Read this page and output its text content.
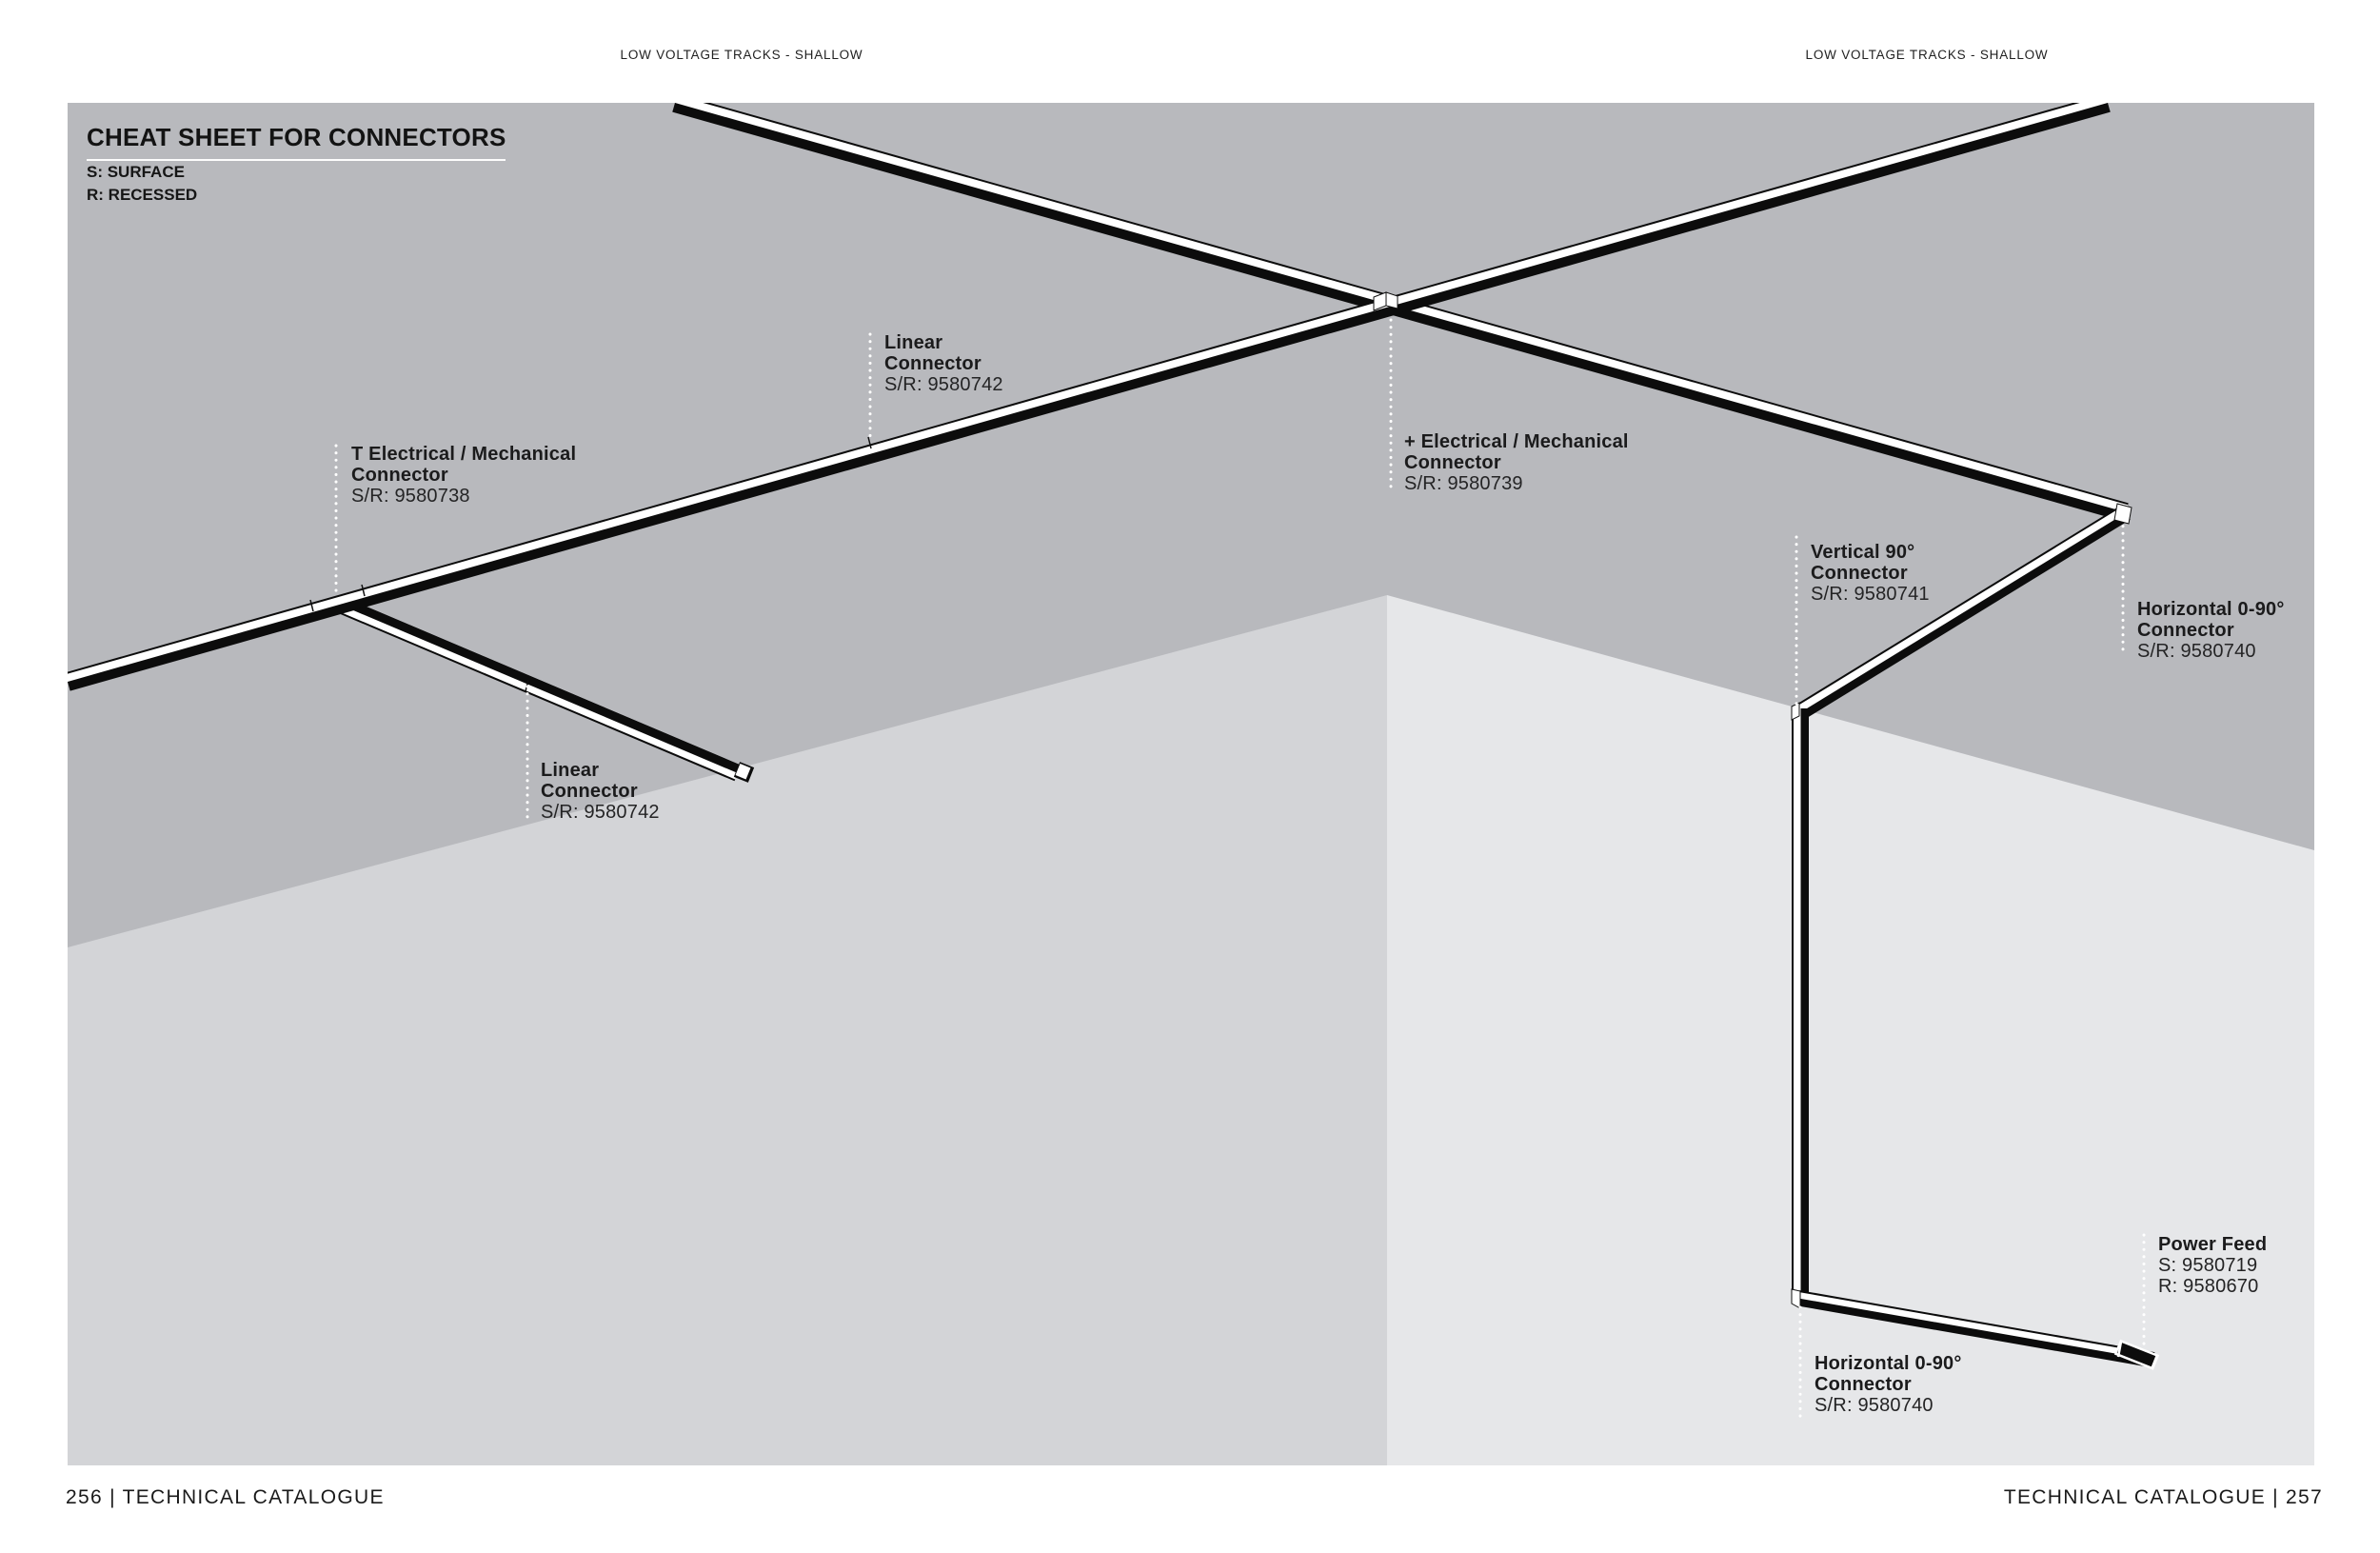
LOW VOLTAGE TRACKS - SHALLOW	LOW VOLTAGE TRACKS - SHALLOW
CHEAT SHEET FOR CONNECTORS
S: SURFACE
R: RECESSED
T Electrical / Mechanical
Connector
S/R: 9580738
Linear
Connector
S/R: 9580742
+ Electrical / Mechanical
Connector
S/R: 9580739
Vertical 90°
Connector
S/R: 9580741
Horizontal 0-90°
Connector
S/R: 9580740
Linear
Connector
S/R: 9580742
Power Feed
S: 9580719
R: 9580670
Horizontal 0-90°
Connector
S/R: 9580740
256 | TECHNICAL CATALOGUE	TECHNICAL CATALOGUE | 257
